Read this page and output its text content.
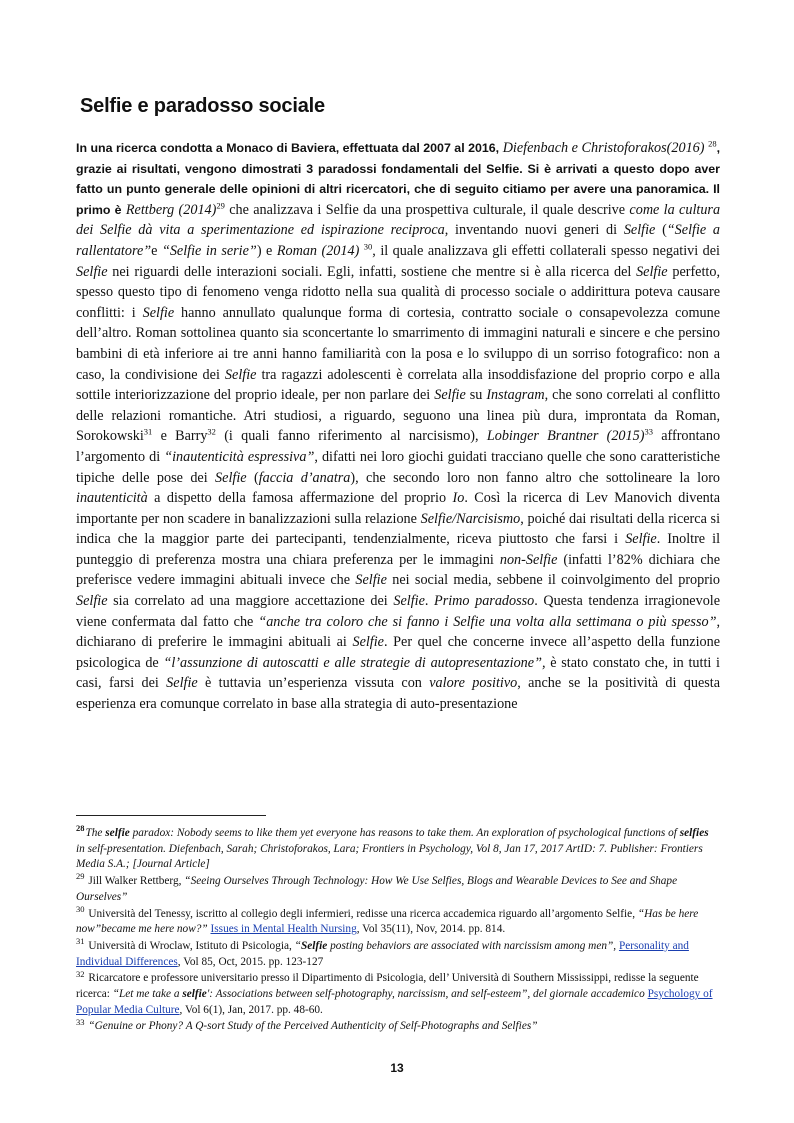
Selfie e paradosso sociale

In una ricerca condotta a Monaco di Baviera, effettuata dal 2007 al 2016, Diefenbach e Christoforakos(2016) $^{28}$, grazie ai risultati, vengono dimostrati 3 paradossi fondamentali del Selfie. Si è arrivati a questo dopo aver fatto un punto generale delle opinioni di altri ricercatori, che di seguito citiamo per avere una panoramica. Il primo è Rettberg $(2014)^{29}$ che analizzava i Selfie da una prospettiva culturale, il quale descrive come la cultura dei Selfie dà vita a sperimentazione ed ispirazione reciproca, inventando nuovi generi di Selfie (“Selfie a rallentatore”e “Selfie in serie”) e Roman (2014) $^{30}$, il quale analizzava gli effetti collaterali spesso negativi dei Selfie nei riguardi delle interazioni sociali. Egli, infatti, sostiene che mentre si è alla ricerca del Selfie perfetto, spesso questo tipo di fenomeno venga ridotto nella sua qualità di processo sociale o addirittura poteva causare conflitti: i Selfie hanno annullato qualunque forma di cortesia, contratto sociale o consapevolezza comune dell’altro. Roman sottolinea quanto sia sconcertante lo smarrimento di immagini naturali e sincere e che persino bambini di età inferiore ai tre anni hanno familiarità con la posa e lo sviluppo di un sorriso fotografico: non a caso, la condivisione dei Selfie tra ragazzi adolescenti è correlata alla insoddisfazione del proprio corpo e alla sottile interiorizzazione del proprio ideale, per non parlare dei Selfie su Instagram, che sono correlati al conflitto delle relazioni romantiche. Atri studiosi, a riguardo, seguono una linea più dura, improntata da Roman, Sorokowski$^{31}$ e Barry$^{32}$ (i quali fanno riferimento al narcisismo), Lobinger Brantner $(2015)^{33}$ affrontano l’argomento di “inautenticità espressiva”, difatti nei loro giochi guidati tracciano quelle che sono caratteristiche tipiche delle pose dei Selfie (faccia d’anatra), che secondo loro non fanno altro che sottolineare la loro inautenticità a dispetto della famosa affermazione del proprio Io. Così la ricerca di Lev Manovich diventa importante per non scadere in banalizzazioni sulla relazione Selfie/Narcisismo, poiché dai risultati della ricerca si indica che la maggior parte dei partecipanti, tendenzialmente, riceva piuttosto che farsi i Selfie. Inoltre il punteggio di preferenza mostra una chiara preferenza per le immagini non-Selfie (infatti l’82% dichiara che preferisce vedere immagini abituali invece che Selfie nei social media, sebbene il coinvolgimento del proprio Selfie sia correlato ad una maggiore accettazione dei Selfie. Primo paradosso. Questa tendenza irragionevole viene confermata dal fatto che “anche tra coloro che si fanno i Selfie una volta alla settimana o più spesso”, dichiarano di preferire le immagini abituali ai Selfie. Per quel che concerne invece all’aspetto della funzione psicologica de “l’assunzione di autoscatti e alle strategie di autopresentazione”, è stato constato che, in tutti i casi, farsi dei Selfie è tuttavia un’esperienza vissuta con valore positivo, anche se la positività di questa esperienza era comunque correlato in base alla strategia di auto-presentazione

$^{28}$The selfie paradox: Nobody seems to like them yet everyone has reasons to take them. An exploration of psychological functions of selfies in self-presentation. Diefenbach, Sarah; Christoforakos, Lara; Frontiers in Psychology, Vol 8, Jan 17, 2017 ArtID: 7. Publisher: Frontiers Media S.A.; [Journal Article]

$^{29}$ Jill Walker Rettberg, “Seeing Ourselves Through Technology: How We Use Selfies, Blogs and Wearable Devices to See and Shape Ourselves”

$^{30}$ Università del Tenessy, iscritto al collegio degli infermieri, redisse una ricerca accademica riguardo all’argomento Selfie, “Has be here now”became me here now?” Issues in Mental Health Nursing, Vol 35(11), Nov, 2014. pp. 814.

$^{31}$ Università di Wroclaw, Istituto di Psicologia, “Selfie posting behaviors are associated with narcissism among men”, Personality and Individual Differences, Vol 85, Oct, 2015. pp. 123-127

$^{32}$ Ricarcatore e professore universitario presso il Dipartimento di Psicologia, dell’ Università di Southern Mississippi, redisse la seguente ricerca: “Let me take a selfie': Associations between self-photography, narcissism, and self-esteem”, del giornale accademico Psychology of Popular Media Culture, Vol 6(1), Jan, 2017. pp. 48-60.

$^{33}$ “Genuine or Phony? A Q-sort Study of the Perceived Authenticity of Self-Photographs and Selfies”

13
